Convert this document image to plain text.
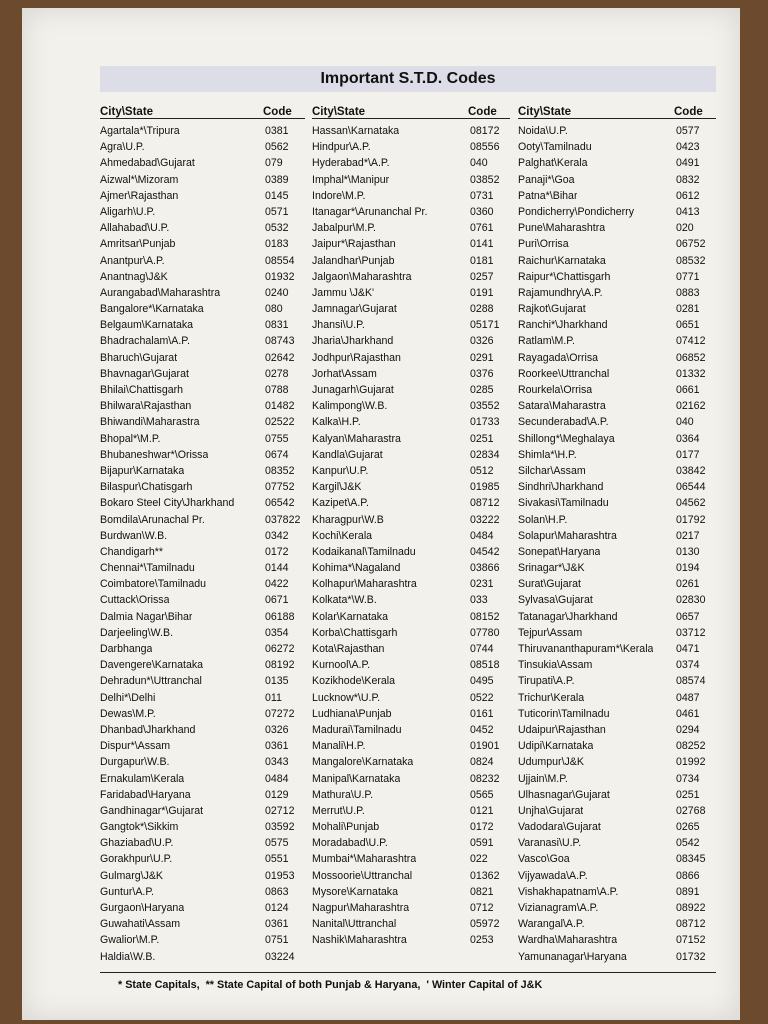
Important S.T.D. Codes
City\State	Code
Agartala*\Tripura	0381
Agra\U.P.	0562
Ahmedabad\Gujarat	079
Aizwal*\Mizoram	0389
Ajmer\Rajasthan	0145
Aligarh\U.P.	0571
Allahabad\U.P.	0532
Amritsar\Punjab	0183
Anantpur\A.P.	08554
Anantnag\J&K	01932
Aurangabad\Maharashtra	0240
Bangalore*\Karnataka	080
Belgaum\Karnataka	0831
Bhadrachalam\A.P.	08743
Bharuch\Gujarat	02642
Bhavnagar\Gujarat	0278
Bhilai\Chattisgarh	0788
Bhilwara\Rajasthan	01482
Bhiwandi\Maharastra	02522
Bhopal*\M.P.	0755
Bhubaneshwar*\Orissa	0674
Bijapur\Karnataka	08352
Bilaspur\Chatisgarh	07752
Bokaro Steel City\Jharkhand	06542
Bomdila\Arunachal Pr.	037822
Burdwan\W.B.	0342
Chandigarh**	0172
Chennai*\Tamilnadu	0144
Coimbatore\Tamilnadu	0422
Cuttack\Orissa	0671
Dalmia Nagar\Bihar	06188
Darjeeling\W.B.	0354
Darbhanga	06272
Davengere\Karnataka	08192
Dehradun*\Uttranchal	0135
Delhi*\Delhi	011
Dewas\M.P.	07272
Dhanbad\Jharkhand	0326
Dispur*\Assam	0361
Durgapur\W.B.	0343
Ernakulam\Kerala	0484
Faridabad\Haryana	0129
Gandhinagar*\Gujarat	02712
Gangtok*\Sikkim	03592
Ghaziabad\U.P.	0575
Gorakhpur\U.P.	0551
Gulmarg\J&K	01953
Guntur\A.P.	0863
Gurgaon\Haryana	0124
Guwahati\Assam	0361
Gwalior\M.P.	0751
Haldia\W.B.	03224
City\State	Code
Hassan\Karnataka	08172
Hindpur\A.P.	08556
Hyderabad*\A.P.	040
Imphal*\Manipur	03852
Indore\M.P.	0731
Itanagar*\Arunanchal Pr.	0360
Jabalpur\M.P.	0761
Jaipur*\Rajasthan	0141
Jalandhar\Punjab	0181
Jalgaon\Maharashtra	0257
Jammu \J&K'	0191
Jamnagar\Gujarat	0288
Jhansi\U.P.	05171
Jharia\Jharkhand	0326
Jodhpur\Rajasthan	0291
Jorhat\Assam	0376
Junagarh\Gujarat	0285
Kalimpong\W.B.	03552
Kalka\H.P.	01733
Kalyan\Maharastra	0251
Kandla\Gujarat	02834
Kanpur\U.P.	0512
Kargil\J&K	01985
Kazipet\A.P.	08712
Kharagpur\W.B	03222
Kochi\Kerala	0484
Kodaikanal\Tamilnadu	04542
Kohima*\Nagaland	03866
Kolhapur\Maharashtra	0231
Kolkata*\W.B.	033
Kolar\Karnataka	08152
Korba\Chattisgarh	07780
Kota\Rajasthan	0744
Kurnool\A.P.	08518
Kozikhode\Kerala	0495
Lucknow*\U.P.	0522
Ludhiana\Punjab	0161
Madurai\Tamilnadu	0452
Manali\H.P.	01901
Mangalore\Karnataka	0824
Manipal\Karnataka	08232
Mathura\U.P.	0565
Merrut\U.P.	0121
Mohali\Punjab	0172
Moradabad\U.P.	0591
Mumbai*\Maharashtra	022
Mossoorie\Uttranchal	01362
Mysore\Karnataka	0821
Nagpur\Maharashtra	0712
Nanital\Uttranchal	05972
Nashik\Maharashtra	0253
City\State	Code
Noida\U.P.	0577
Ooty\Tamilnadu	0423
Palghat\Kerala	0491
Panaji*\Goa	0832
Patna*\Bihar	0612
Pondicherry\Pondicherry	0413
Pune\Maharashtra	020
Puri\Orrisa	06752
Raichur\Karnataka	08532
Raipur*\Chattisgarh	0771
Rajamundhry\A.P.	0883
Rajkot\Gujarat	0281
Ranchi*\Jharkhand	0651
Ratlam\M.P.	07412
Rayagada\Orrisa	06852
Roorkee\Uttranchal	01332
Rourkela\Orrisa	0661
Satara\Maharastra	02162
Secunderabad\A.P.	040
Shillong*\Meghalaya	0364
Shimla*\H.P.	0177
Silchar\Assam	03842
Sindhri\Jharkhand	06544
Sivakasi\Tamilnadu	04562
Solan\H.P.	01792
Solapur\Maharashtra	0217
Sonepat\Haryana	0130
Srinagar*\J&K	0194
Surat\Gujarat	0261
Sylvasa\Gujarat	02830
Tatanagar\Jharkhand	0657
Tejpur\Assam	03712
Thiruvananthapuram*\Kerala 0471
Tinsukia\Assam	0374
Tirupati\A.P.	08574
Trichur\Kerala	0487
Tuticorin\Tamilnadu	0461
Udaipur\Rajasthan	0294
Udipi\Karnataka	08252
Udumpur\J&K	01992
Ujjain\M.P.	0734
Ulhasnagar\Gujarat	0251
Unjha\Gujarat	02768
Vadodara\Gujarat	0265
Varanasi\U.P.	0542
Vasco\Goa	08345
Vijyawada\A.P.	0866
Vishakhapatnam\A.P.	0891
Vizianagram\A.P.	08922
Warangal\A.P.	08712
Wardha\Maharashtra	07152
Yamunanagar\Haryana	01732
* State Capitals, ** State Capital of both Punjab & Haryana, ' Winter Capital of J&K
